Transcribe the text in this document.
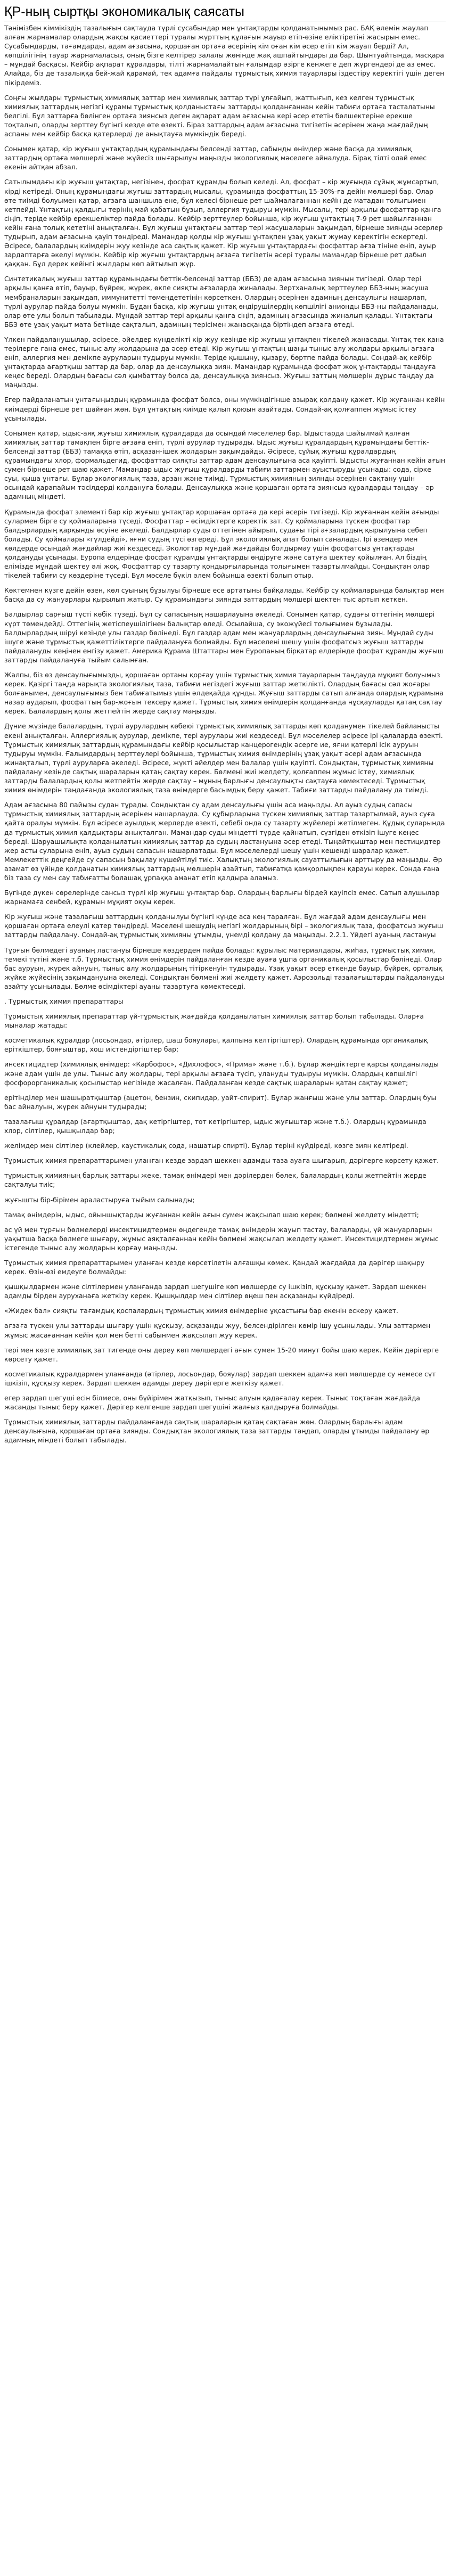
ҚР-ның сыртқы экономикалық саясаты

Тәнімізбен кіммікіздің тазалығын сақтауда түрлі сусабындар мен ұнтақтарды қолданатынымыз рас. БАҚ әлемін жаулап алған жарнамалар олардың жақсы қасиеттері туралы жүрттың құлағын жауыр етіп-өзіне еліктіретіні жасырын емес. Сусабындарды, тағамдарды, адам ағзасына, қоршаған ортаға әсерінің кім оған кім әсер етіп кім жауап берді? Ал, көпшілігінің тауар жарнамаласыз, оның бізге келтірер залалы жөнінде жақ ашпайтындары да бар. Шынтуайтында, масқара – мұндай басқасы. Кейбір ақпарат құралдары, тілті жарнамалайтын ғалымдар әзірге кенжеге деп жүргендері де аз емес. Алайда, біз де тазалыққа бей-жай қарамай, тек адамға пайдалы тұрмыстық химия тауарлары іздестіру керектігі үшін деген пікірдеміз.

Соңғы жылдары тұрмыстық химиялық заттар мен химиялық заттар түрі ұлғайып, жаттығып, кез келген тұрмыстық химиялық заттардың негізгі құрамы тұрмыстық қолданыстағы заттарды қолданғаннан кейін табиғи ортаға тасталатыны белгілі. Бұл заттарға бөлінген ортаға зиянсыз деген ақпарат адам ағзасына кері әсер ететін бөлшектеріне ерекше тоқталып, оларды зерттеу бүгінгі кезде өте өзекті. Біраз заттардың адам ағзасына тигізетін әсерінен жаңа жағдайдың аспаны мен кейбір басқа қатерлерді де анықтауға мүмкіндік береді.

Сонымен қатар, кір жуғыш ұнтақтардың құрамындағы белсенді заттар, сабынды өнімдер және басқа да химиялық заттардың ортаға мөлшерлі және жүйесіз шығарылуы маңызды экологиялық мәселеге айналуда. Бірақ тілті олай емес екенін айтқан абзал.

Сатылымдағы кір жуғыш ұнтақтар, негізінен, фосфат құрамды болып келеді. Ал, фосфат – кір жуғында сұйық жұмсартып, кірді кетіреді. Оның құрамындағы жуғыш заттардың мысалы, құрамында фосфаттың 15-30%-ға дейін мөлшері бар. Олар өте тиімді болуымен қатар, ағзаға шаншыла ене, бұл келесі бірнеше рет шаймалағаннан кейін де матадан толығымен кетпейді. Ұнтақтың қалдығы терінің май қабатын бұзып, аллергия тудыруы мүмкін. Мысалы, тері арқылы фосфаттар қанға сіңіп, теріде кейбір ерекшеліктер пайда болады. Кейбір зерттеулер бойынша, кір жуғыш ұнтақтың 7-9 рет шайылғаннан кейін ғана толық кететіні анықталған. Бұл жуғыш ұнтақтағы заттар тері жасушаларын зақымдап, бірнеше зиянды әсерлер тудырып, адам ағзасына қауіп төндіреді. Мамандар қолды кір жуғыш ұнтақпен ұзақ уақыт жумау керектігін ескертеді. Әсіресе, балалардың киімдерін жуу кезінде аса сақтық қажет. Кір жуғыш ұнтақтардағы фосфаттар ағза тініне еніп, ауыр зардаптарға әкелуі мүмкін. Кейбір кір жуғыш ұнтақтардың ағзаға тигізетін әсері туралы мамандар бірнеше рет дабыл қаққан. Бұл дерек кейінгі жылдары көп айтылып жүр.

Синтетикалық жуғыш заттар құрамындағы беттік-белсенді заттар (ББЗ) де адам ағзасына зиянын тигізеді. Олар тері арқылы қанға өтіп, бауыр, бүйрек, жүрек, өкпе сияқты ағзаларда жиналады. Зертханалық зерттеулер ББЗ-ның жасуша мембраналарын зақымдап, иммунитетті төмендететінін көрсеткен. Олардың әсерінен адамның денсаулығы нашарлап, түрлі аурулар пайда болуы мүмкін. Бұдан басқа, кір жуғыш ұнтақ өндірушілердің көпшілігі анионды ББЗ-ны пайдаланады, олар өте улы болып табылады. Мұндай заттар тері арқылы қанға сіңіп, адамның ағзасында жиналып қалады. Ұнтақтағы ББЗ өте ұзақ уақыт мата бетінде сақталып, адамның терісімен жанасқанда біртіндеп ағзаға өтеді.

Үлкен пайдаланушылар, әсіресе, әйелдер күнделікті кір жуу кезінде кір жуғыш ұнтақпен тікелей жанасады. Ұнтақ тек қана терілерге ғана емес, тыныс алу жолдарына да әсер етеді. Кір жуғыш ұнтақтың шаңы тыныс алу жолдары арқылы ағзаға еніп, аллергия мен демікпе ауруларын тудыруы мүмкін. Теріде қышыну, қызару, бөртпе пайда болады. Сондай-ақ кейбір ұнтақтарда ағартқыш заттар да бар, олар да денсаулыққа зиян. Мамандар құрамында фосфат жоқ ұнтақтарды таңдауға кеңес береді. Олардың бағасы сәл қымбаттау болса да, денсаулыққа зиянсыз. Жуғыш заттың мөлшерін дұрыс таңдау да маңызды.

Егер пайдаланатын ұнтағыңыздың құрамында фосфат болса, оны мүмкіндігінше азырақ қолдану қажет. Кір жуғаннан кейін киімдерді бірнеше рет шайған жөн. Бұл ұнтақтың киімде қалып қоюын азайтады. Сондай-ақ қолғаппен жұмыс істеу ұсынылады.

Сонымен қатар, ыдыс-аяқ жуғыш химиялық құралдарда да осындай мәселелер бар. Ыдыстарда шайылмай қалған химиялық заттар тамақпен бірге ағзаға еніп, түрлі аурулар тудырады. Ыдыс жуғыш құралдардың құрамындағы беттік-белсенді заттар (ББЗ) тамаққа өтіп, асқазан-ішек жолдарын зақымдайды. Әсіресе, сұйық жуғыш құралдардың құрамындағы хлор, формальдегид, фосфаттар сияқты заттар адам денсаулығына аса қауіпті. Ыдысты жуғаннан кейін ағын сумен бірнеше рет шаю қажет. Мамандар ыдыс жуғыш құралдарды табиғи заттармен ауыстыруды ұсынады: сода, сірке суы, қыша ұнтағы. Бұлар экологиялық таза, арзан және тиімді. Тұрмыстық химияның зиянды әсерінен сақтану үшін осындай қарапайым тәсілдерді қолдануға болады. Денсаулыққа және қоршаған ортаға зиянсыз құралдарды таңдау – әр адамның міндеті.

Құрамында фосфат элементі бар кір жуғыш ұнтақтар қоршаған ортаға да кері әсерін тигізеді. Кір жуғаннан кейін ағынды сулармен бірге су қоймаларына түседі. Фосфаттар – өсімдіктерге қоректік зат. Су қоймаларына түскен фосфаттар балдырлардың қарқынды өсуіне әкеледі. Балдырлар суды оттегінен айырып, судағы тірі ағзалардың қырылуына себеп болады. Су қоймалары «гүлдейді», яғни судың түсі өзгереді. Бұл экологиялық апат болып саналады. Ірі өзендер мен көлдерде осындай жағдайлар жиі кездеседі. Экологтар мұндай жағдайды болдырмау үшін фосфатсыз ұнтақтарды қолдануды ұсынады. Еуропа елдерінде фосфат құрамды ұнтақтарды өндіруге және сатуға шектеу қойылған. Ал біздің елімізде мұндай шектеу әлі жоқ. Фосфаттар су тазарту қондырғыларында толығымен тазартылмайды. Сондықтан олар тікелей табиғи су көздеріне түседі. Бұл мәселе бүкіл әлем бойынша өзекті болып отыр.

Көктемнен күзге дейін өзен, көл суының бұзылуы бірнеше есе артатыны байқалады. Кейбір су қоймаларында балықтар мен басқа да су жануарлары қырылып жатыр. Су құрамындағы зиянды заттардың мөлшері шектен тыс артып кеткен.

Балдырлар сарғыш түсті көбік түзеді. Бұл су сапасының нашарлауына әкеледі. Сонымен қатар, судағы оттегінің мөлшері күрт төмендейді. Оттегінің жетіспеушілігінен балықтар өледі. Осылайша, су экожүйесі толығымен бұзылады. Балдырлардың шіруі кезінде улы газдар бөлінеді. Бұл газдар адам мен жануарлардың денсаулығына зиян. Мұндай суды ішуге және тұрмыстық қажеттіліктерге пайдалануға болмайды. Бұл мәселені шешу үшін фосфатсыз жуғыш заттарды пайдалануды кеңінен енгізу қажет. Америка Құрама Штаттары мен Еуропаның бірқатар елдерінде фосфат құрамды жуғыш заттарды пайдалануға тыйым салынған.

Жалпы, біз өз денсаулығымызды, қоршаған ортаны қорғау үшін тұрмыстық химия тауарларын таңдауда мұқият болуымыз керек. Қазіргі таңда нарықта экологиялық таза, табиғи негіздегі жуғыш заттар жеткілікті. Олардың бағасы сәл жоғары болғанымен, денсаулығымыз бен табиғатымыз үшін әлдеқайда құнды. Жуғыш заттарды сатып алғанда олардың құрамына назар аударып, фосфаттың бар-жоғын тексеру қажет. Тұрмыстық химия өнімдерін қолданғанда нұсқауларды қатаң сақтау керек. Балалардың қолы жетпейтін жерде сақтау маңызды.

Дүние жүзінде балалардың, түрлі аурулардың көбеюі тұрмыстық химиялық заттарды көп қолданумен тікелей байланысты екені анықталған. Аллергиялық аурулар, демікпе, тері аурулары жиі кездеседі. Бұл мәселелер әсіресе ірі қалаларда өзекті. Тұрмыстық химиялық заттардың құрамындағы кейбір қосылыстар канцерогендік әсерге ие, яғни қатерлі ісік ауруын тудыруы мүмкін. Ғалымдардың зерттеулері бойынша, тұрмыстық химия өнімдерінің ұзақ уақыт әсері адам ағзасында жинақталып, түрлі ауруларға әкеледі. Әсіресе, жүкті әйелдер мен балалар үшін қауіпті. Сондықтан, тұрмыстық химияны пайдалану кезінде сақтық шараларын қатаң сақтау керек. Бөлмені жиі желдету, қолғаппен жұмыс істеу, химиялық заттарды балалардың қолы жетпейтін жерде сақтау – мұның барлығы денсаулықты сақтауға көмектеседі. Тұрмыстық химия өнімдерін таңдағанда экологиялық таза өнімдерге басымдық беру қажет. Табиғи заттарды пайдалану да тиімді.

Адам ағзасына 80 пайызы судан тұрады. Сондықтан су адам денсаулығы үшін аса маңызды. Ал ауыз судың сапасы тұрмыстық химиялық заттардың әсерінен нашарлауда. Су құбырларына түскен химиялық заттар тазартылмай, ауыз суға қайта оралуы мүмкін. Бұл әсіресе ауылдық жерлерде өзекті, себебі онда су тазарту жүйелері жетілмеген. Құдық суларында да тұрмыстық химия қалдықтары анықталған. Мамандар суды міндетті түрде қайнатып, сүзгіден өткізіп ішуге кеңес береді. Шаруашылықта қолданылатын химиялық заттар да судың ластануына әсер етеді. Тыңайтқыштар мен пестицидтер жер асты суларына еніп, ауыз судың сапасын нашарлатады. Бұл мәселелерді шешу үшін кешенді шаралар қажет. Мемлекеттік деңгейде су сапасын бақылау күшейтілуі тиіс. Халықтың экологиялық сауаттылығын арттыру да маңызды. Әр азамат өз үйінде қолданатын химиялық заттардың мөлшерін азайтып, табиғатқа қамқорлықпен қарауы керек. Сонда ғана біз таза су мен сау табиғатты болашақ ұрпаққа аманат етіп қалдыра аламыз.

Бүгінде дүкен сөрелерінде сансыз түрлі кір жуғыш ұнтақтар бар. Олардың барлығы бірдей қауіпсіз емес. Сатып алушылар жарнамаға сенбей, құрамын мұқият оқуы керек.

Кір жуғыш және тазалағыш заттардың қолданылуы бүгінгі күнде аса кең таралған. Бұл жағдай адам денсаулығы мен қоршаған ортаға елеулі қатер төндіреді. Мәселені шешудің негізгі жолдарының бірі – экологиялық таза, фосфатсыз жуғыш заттарды пайдалану. Сондай-ақ тұрмыстық химияны ұтымды, үнемді қолдану да маңызды. 2.2.1. Үйдегі ауаның ластануы

Тұрғын бөлмедегі ауаның ластануы бірнеше көздерден пайда болады: құрылыс материалдары, жиһаз, тұрмыстық химия, темекі түтіні және т.б. Тұрмыстық химия өнімдерін пайдаланған кезде ауаға ұшпа органикалық қосылыстар бөлінеді. Олар бас ауруын, жүрек айнуын, тыныс алу жолдарының тітіркенуін тудырады. Ұзақ уақыт әсер еткенде бауыр, бүйрек, орталық жүйке жүйесінің зақымдануына әкеледі. Сондықтан бөлмені жиі желдету қажет. Аэрозольді тазалағыштарды пайдалануды азайту ұсынылады. Бөлме өсімдіктері ауаны тазартуға көмектеседі.

. Тұрмыстық химия препараттары

Тұрмыстық химиялық препараттар үй-тұрмыстық жағдайда қолданылатын химиялық заттар болып табылады. Оларға мыналар жатады:

косметикалық құралдар (лосьондар, әтірлер, шаш бояулары, қалпына келтіргіштер). Олардың құрамында органикалық еріткіштер, бояғыштар, хош иістендіргіштер бар;

инсектицидтер (химиялық өнімдер: «Карбофос», «Дихлофос», «Прима» және т.б.). Бұлар жәндіктерге қарсы қолданылады және адам үшін де улы. Тыныс алу жолдары, тері арқылы ағзаға түсіп, улануды тудыруы мүмкін. Олардың көпшілігі фосфорорганикалық қосылыстар негізінде жасалған. Пайдаланған кезде сақтық шараларын қатаң сақтау қажет;

ерітінділер мен шашыратқыштар (ацетон, бензин, скипидар, уайт-спирит). Бұлар жанғыш және улы заттар. Олардың буы бас айналуын, жүрек айнуын тудырады;

тазалағыш құралдар (ағартқыштар, дақ кетіргіштер, тот кетіргіштер, ыдыс жуғыштар және т.б.). Олардың құрамында хлор, сілтілер, қышқылдар бар;

желімдер мен сілтілер (клейлер, каустикалық сода, нашатыр спирті). Бұлар теріні күйдіреді, көзге зиян келтіреді.

Тұрмыстық химия препараттарымен уланған кезде зардап шеккен адамды таза ауаға шығарып, дәрігерге көрсету қажет.

тұрмыстық химияның барлық заттары жеке, тамақ өнімдері мен дәрілерден бөлек, балалардың қолы жетпейтін жерде сақталуы тиіс;

жуғышты бір-бірімен араластыруға тыйым салынады;

тамақ өнімдерін, ыдыс, ойыншықтарды жуғаннан кейін ағын сумен жақсылап шаю керек; бөлмені желдету міндетті;

ас үй мен тұрғын бөлмелерді инсектицидтермен өңдегенде тамақ өнімдерін жауып тастау, балаларды, үй жануарларын уақытша басқа бөлмеге шығару, жұмыс аяқталғаннан кейін бөлмені жақсылап желдету қажет. Инсектицидтермен жұмыс істегенде тыныс алу жолдарын қорғау маңызды.

Тұрмыстық химия препараттарымен уланған кезде көрсетілетін алғашқы көмек. Қандай жағдайда да дәрігер шақыру керек. Өзін-өзі емдеуге болмайды:

қышқылдармен және сілтілермен уланғанда зардап шегушіге көп мөлшерде су ішкізіп, құсқызу қажет. Зардап шеккен адамды бірден ауруханаға жеткізу керек. Қышқылдар мен сілтілер өңеш пен асқазанды күйдіреді.

«Жидек бал» сияқты тағамдық қоспалардың тұрмыстық химия өнімдеріне ұқсастығы бар екенін ескеру қажет.

ағзаға түскен улы заттарды шығару үшін құсқызу, асқазанды жуу, белсендірілген көмір ішу ұсынылады. Улы заттармен жұмыс жасағаннан кейін қол мен бетті сабынмен жақсылап жуу керек.

тері мен көзге химиялық зат тигенде оны дереу көп мөлшердегі ағын сумен 15-20 минут бойы шаю керек. Кейін дәрігерге көрсету қажет.

косметикалық құралдармен уланғанда (әтірлер, лосьондар, бояулар) зардап шеккен адамға көп мөлшерде су немесе сүт ішкізіп, құсқызу керек. Зардап шеккен адамды дереу дәрігерге жеткізу қажет.

егер зардап шегуші есін білмесе, оны бүйірімен жатқызып, тыныс алуын қадағалау керек. Тыныс тоқтаған жағдайда жасанды тыныс беру қажет. Дәрігер келгенше зардап шегушіні жалғыз қалдыруға болмайды.

Тұрмыстық химиялық заттарды пайдаланғанда сақтық шараларын қатаң сақтаған жөн. Олардың барлығы адам денсаулығына, қоршаған ортаға зиянды. Сондықтан экологиялық таза заттарды таңдап, оларды ұтымды пайдалану әр адамның міндеті болып табылады.
